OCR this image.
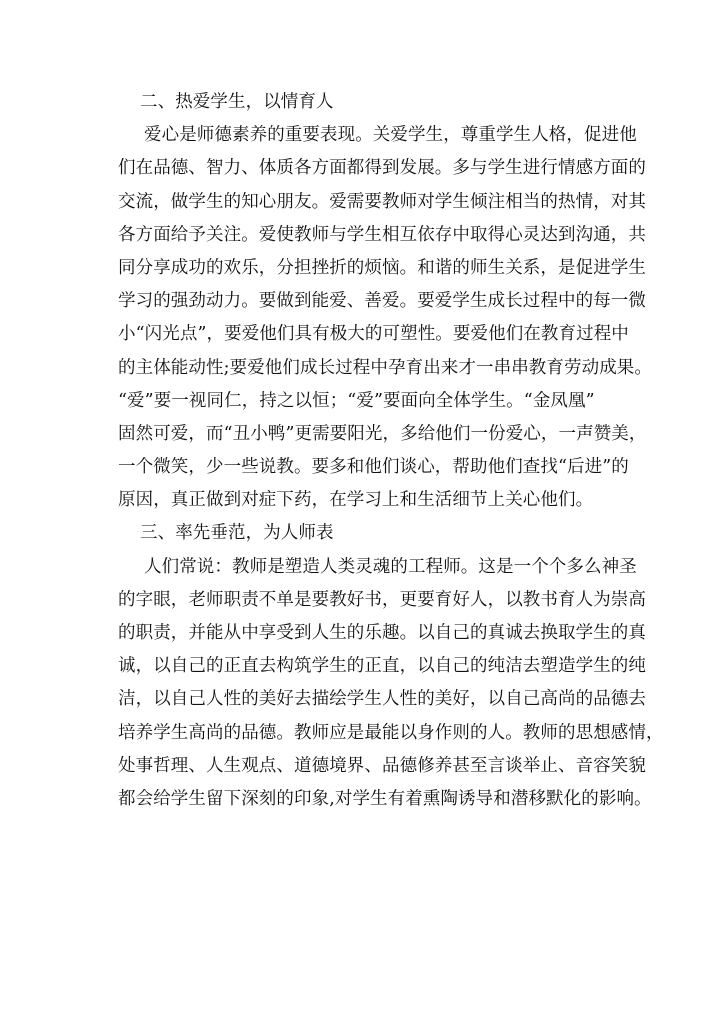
二、热爱学生，以情育人
爱心是师德素养的重要表现。关爱学生，尊重学生人格，促进他
们在品德、智力、体质各方面都得到发展。多与学生进行情感方面的
交流，做学生的知心朋友。爱需要教师对学生倾注相当的热情，对其
各方面给予关注。爱使教师与学生相互依存中取得心灵达到沟通，共
同分享成功的欢乐，分担挫折的烦恼。和谐的师生关系，是促进学生
学习的强劲动力。要做到能爱、善爱。要爱学生成长过程中的每一微
小“闪光点”，要爱他们具有极大的可塑性。要爱他们在教育过程中
的主体能动性;要爱他们成长过程中孕育出来才一串串教育劳动成果。
“爱”要一视同仁，持之以恒；“爱”要面向全体学生。“金凤凰”
固然可爱，而“丑小鸭”更需要阳光，多给他们一份爱心，一声赞美，
一个微笑，少一些说教。要多和他们谈心，帮助他们查找“后进”的
原因，真正做到对症下药，在学习上和生活细节上关心他们。
三、率先垂范，为人师表
人们常说：教师是塑造人类灵魂的工程师。这是一个个多么神圣
的字眼，老师职责不单是要教好书，更要育好人，以教书育人为崇高
的职责，并能从中享受到人生的乐趣。以自己的真诚去换取学生的真
诚，以自己的正直去构筑学生的正直，以自己的纯洁去塑造学生的纯
洁，以自己人性的美好去描绘学生人性的美好，以自己高尚的品德去
培养学生高尚的品德。教师应是最能以身作则的人。教师的思想感情，
处事哲理、人生观点、道德境界、品德修养甚至言谈举止、音容笑貌
都会给学生留下深刻的印象,对学生有着熏陶诱导和潜移默化的影响。
